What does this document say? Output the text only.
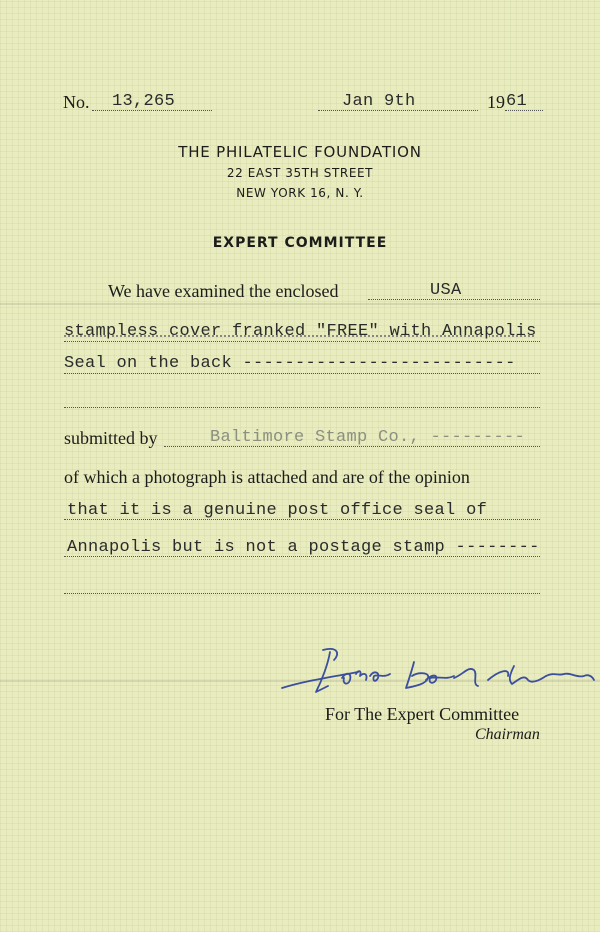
No. 13,265	Jan 9th	19 61
THE PHILATELIC FOUNDATION
22 EAST 35TH STREET
NEW YORK 16, N. Y.
EXPERT COMMITTEE
We have examined the enclosed	USA
stampless cover franked "FREE" with Annapolis
Seal on the back --------------------------
submitted by	Baltimore Stamp Co., ---------
of which a photograph is attached and are of the opinion
that it is a genuine post office seal of
Annapolis but is not a postage stamp --------
For The Expert Committee
Chairman
